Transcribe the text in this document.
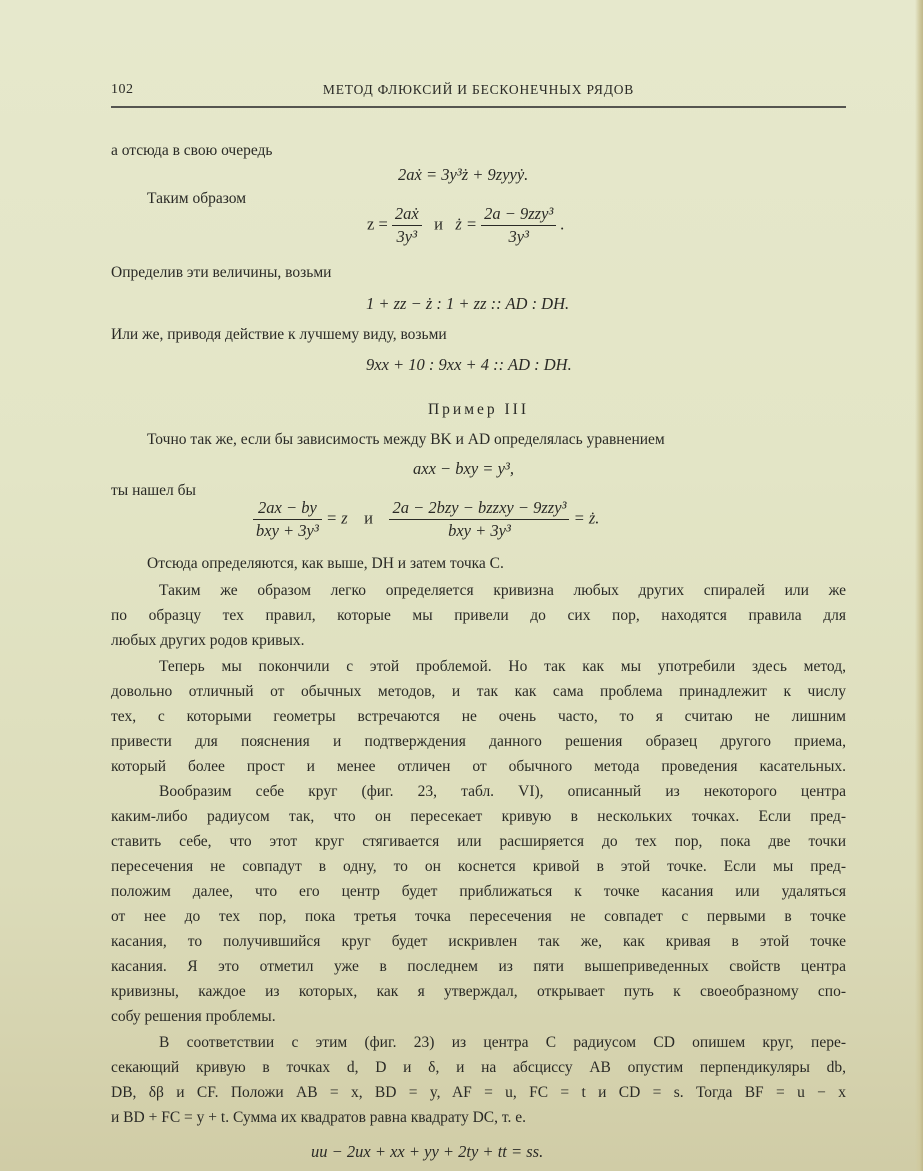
102	МЕТОД ФЛЮКСИЙ И БЕСКОНЕЧНЫХ РЯДОВ
а отсюда в свою очередь
2aẋ = 3y³ż + 9zyyẏ.
Таким образом
$z = \frac{2aẋ}{\text{3y³}}$ и ż = $\frac{\text{2a − 9zzy³}}{\text{3y³}}$ .
Определив эти величины, возьми
1 + zz − ż : 1 + zz :: AD : DH.
Или же, приводя действие к лучшему виду, возьми
9xx + 10 : 9xx + 4 :: AD : DH.
Пример III
Точно так же, если бы зависимость между BK и AD определялась уравнением
axx − bxy = y³,
ты нашел бы
$\frac{2ax - by}{\text{bxy + 3y³}} = z$ и $\frac{\text{2a − 2bzy − bzzxy − 9zzy³}}{\text{bxy + 3y³}}$ = ż.
Отсюда определяются, как выше, DH и затем точка C.
Таким же образом легко определяется кривизна любых других спиралей или же
по образцу тех правил, которые мы привели до сих пор, находятся правила для
любых других родов кривых.
Теперь мы покончили с этой проблемой. Но так как мы употребили здесь метод,
довольно отличный от обычных методов, и так как сама проблема принадлежит к числу
тех, с которыми геометры встречаются не очень часто, то я считаю не лишним
привести для пояснения и подтверждения данного решения образец другого приема,
который более прост и менее отличен от обычного метода проведения касательных.
Вообразим себе круг (фиг. 23, табл. VI), описанный из некоторого центра
каким-либо радиусом так, что он пересекает кривую в нескольких точках. Если пред-
ставить себе, что этот круг стягивается или расширяется до тех пор, пока две точки
пересечения не совпадут в одну, то он коснется кривой в этой точке. Если мы пред-
положим далее, что его центр будет приближаться к точке касания или удаляться
от нее до тех пор, пока третья точка пересечения не совпадет с первыми в точке
касания, то получившийся круг будет искривлен так же, как кривая в этой точке
касания. Я это отметил уже в последнем из пяти вышеприведенных свойств центра
кривизны, каждое из которых, как я утверждал, открывает путь к своеобразному спо-
собу решения проблемы.
В соответствии с этим (фиг. 23) из центра C радиусом CD опишем круг, пере-
секающий кривую в точках d, D и δ, и на абсциссу AB опустим перпендикуляры db,
DB, δβ и CF. Положи AB = x, BD = y, AF = u, FC = t и CD = s. Тогда BF = u − x
и BD + FC = y + t. Сумма их квадратов равна квадрату DC, т. е.
uu − 2ux + xx + yy + 2ty + tt = ss.
